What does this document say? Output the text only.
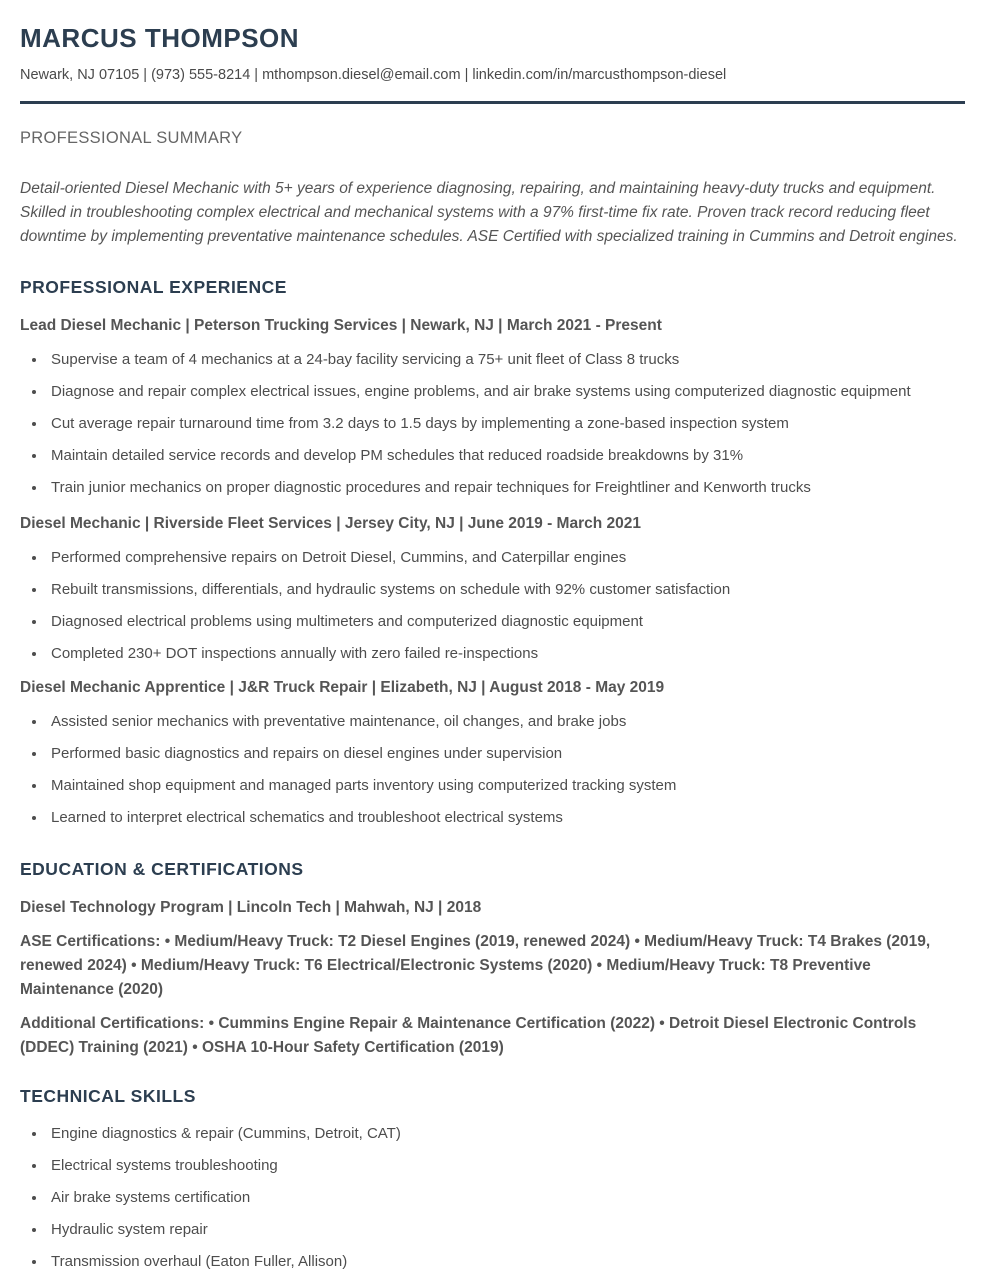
MARCUS THOMPSON
Newark, NJ 07105 | (973) 555-8214 | mthompson.diesel@email.com | linkedin.com/in/marcusthompson-diesel
PROFESSIONAL SUMMARY

Detail-oriented Diesel Mechanic with 5+ years of experience diagnosing, repairing, and maintaining heavy-duty trucks and equipment. Skilled in troubleshooting complex electrical and mechanical systems with a 97% first-time fix rate. Proven track record reducing fleet downtime by implementing preventative maintenance schedules. ASE Certified with specialized training in Cummins and Detroit engines.

PROFESSIONAL EXPERIENCE
Lead Diesel Mechanic | Peterson Trucking Services | Newark, NJ | March 2021 - Present
• Supervise a team of 4 mechanics at a 24-bay facility servicing a 75+ unit fleet of Class 8 trucks
• Diagnose and repair complex electrical issues, engine problems, and air brake systems using computerized diagnostic equipment
• Cut average repair turnaround time from 3.2 days to 1.5 days by implementing a zone-based inspection system
• Maintain detailed service records and develop PM schedules that reduced roadside breakdowns by 31%
• Train junior mechanics on proper diagnostic procedures and repair techniques for Freightliner and Kenworth trucks
Diesel Mechanic | Riverside Fleet Services | Jersey City, NJ | June 2019 - March 2021
• Performed comprehensive repairs on Detroit Diesel, Cummins, and Caterpillar engines
• Rebuilt transmissions, differentials, and hydraulic systems on schedule with 92% customer satisfaction
• Diagnosed electrical problems using multimeters and computerized diagnostic equipment
• Completed 230+ DOT inspections annually with zero failed re-inspections
Diesel Mechanic Apprentice | J&R Truck Repair | Elizabeth, NJ | August 2018 - May 2019
• Assisted senior mechanics with preventative maintenance, oil changes, and brake jobs
• Performed basic diagnostics and repairs on diesel engines under supervision
• Maintained shop equipment and managed parts inventory using computerized tracking system
• Learned to interpret electrical schematics and troubleshoot electrical systems
EDUCATION & CERTIFICATIONS
Diesel Technology Program | Lincoln Tech | Mahwah, NJ | 2018

ASE Certifications: • Medium/Heavy Truck: T2 Diesel Engines (2019, renewed 2024) • Medium/Heavy Truck: T4 Brakes (2019, renewed 2024) • Medium/Heavy Truck: T6 Electrical/Electronic Systems (2020) • Medium/Heavy Truck: T8 Preventive Maintenance (2020)

Additional Certifications: • Cummins Engine Repair & Maintenance Certification (2022) • Detroit Diesel Electronic Controls (DDEC) Training (2021) • OSHA 10-Hour Safety Certification (2019)

TECHNICAL SKILLS
• Engine diagnostics & repair (Cummins, Detroit, CAT)
• Electrical systems troubleshooting
• Air brake systems certification
• Hydraulic system repair
• Transmission overhaul (Eaton Fuller, Allison)
